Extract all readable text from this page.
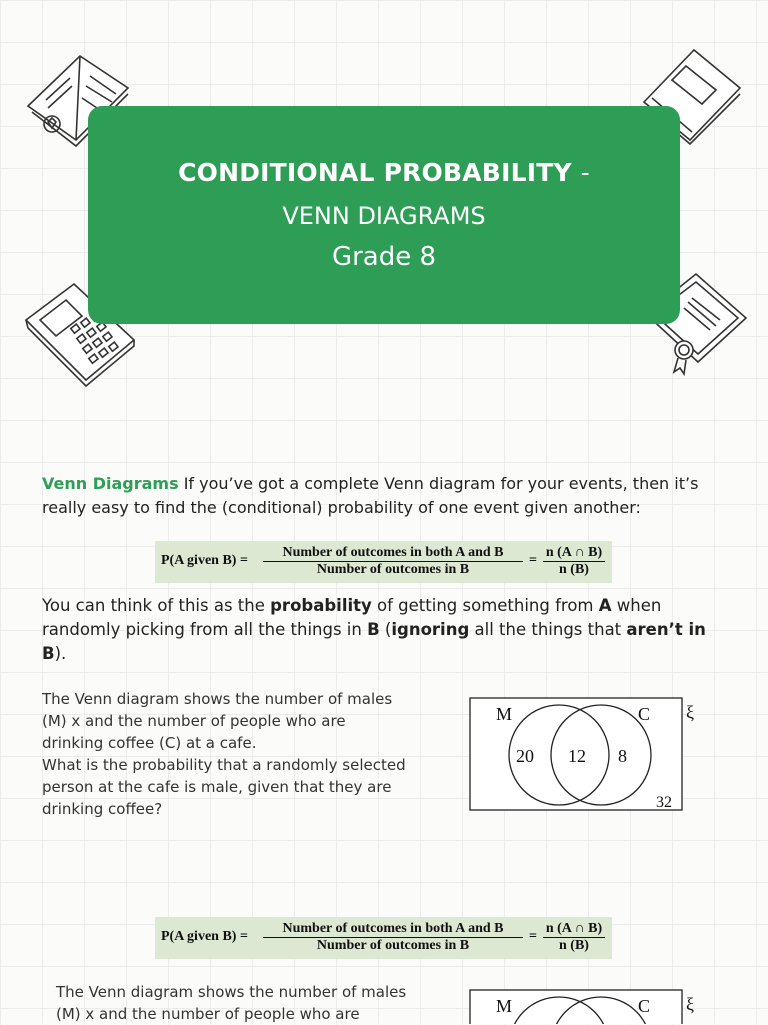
CONDITIONAL PROBABILITY -
VENN DIAGRAMS
Grade 8
Venn Diagrams If you’ve got a complete Venn diagram for your events, then it’s really easy to find the (conditional) probability of one event given another:
P(A given B) =
Number of outcomes in both A and B
Number of outcomes in B
= $\frac{n (A \cap B)}{n (B)}$
You can think of this as the probability of getting something from A when randomly picking from all the things in B (ignoring all the things that aren’t in B).
The Venn diagram shows the number of males
(M) x and the number of people who are
drinking coffee (C) at a cafe.
What is the probability that a randomly selected
person at the cafe is male, given that they are
drinking coffee?
M	C ξ
20 12 8
32
P(A given B) =
Number of outcomes in both A and B
Number of outcomes in B
= $\frac{n (A \cap B)}{n (B)}$
The Venn diagram shows the number of males
(M) x and the number of people who are	M	C ξ
